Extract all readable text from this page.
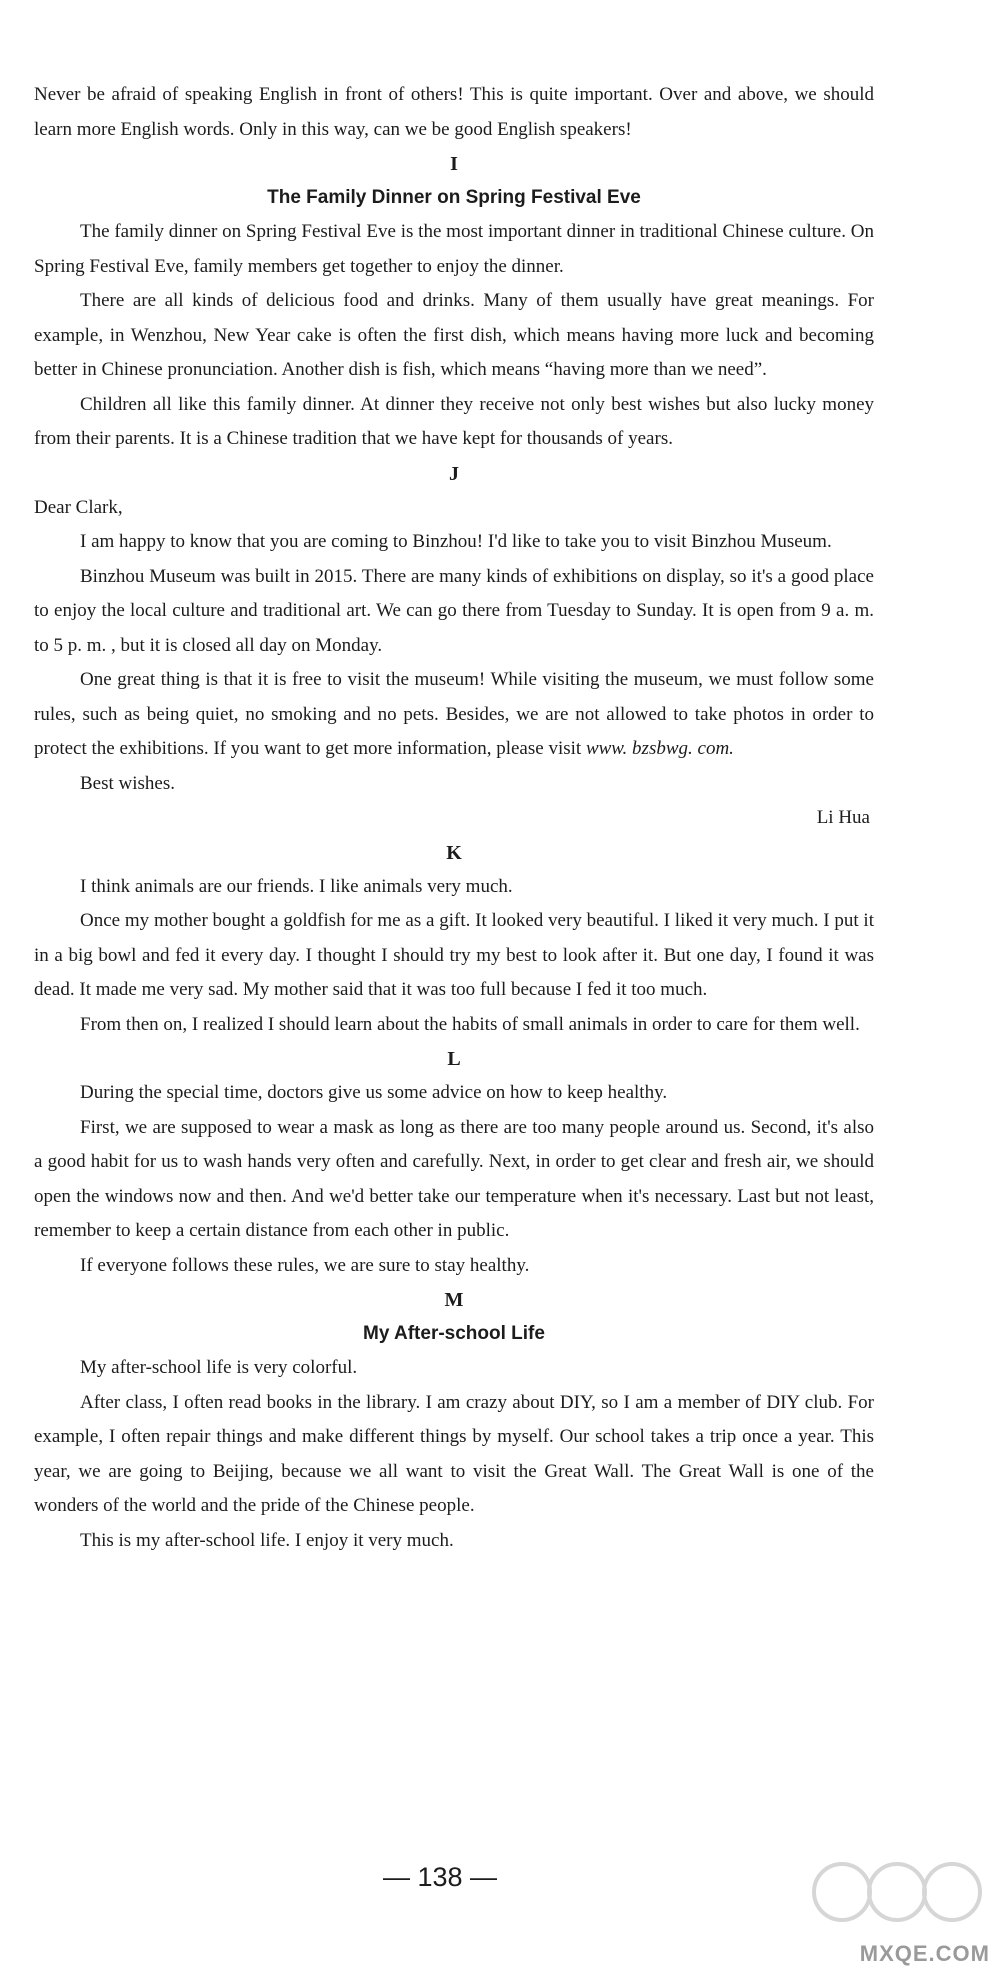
Never be afraid of speaking English in front of others! This is quite important. Over and above, we should learn more English words. Only in this way, can we be good English speakers!

I

The Family Dinner on Spring Festival Eve

The family dinner on Spring Festival Eve is the most important dinner in traditional Chinese culture. On Spring Festival Eve, family members get together to enjoy the dinner.

There are all kinds of delicious food and drinks. Many of them usually have great meanings. For example, in Wenzhou, New Year cake is often the first dish, which means having more luck and becoming better in Chinese pronunciation. Another dish is fish, which means “having more than we need”.

Children all like this family dinner. At dinner they receive not only best wishes but also lucky money from their parents. It is a Chinese tradition that we have kept for thousands of years.

J

Dear Clark,

I am happy to know that you are coming to Binzhou! I'd like to take you to visit Binzhou Museum.

Binzhou Museum was built in 2015. There are many kinds of exhibitions on display, so it's a good place to enjoy the local culture and traditional art. We can go there from Tuesday to Sunday. It is open from 9 a. m. to 5 p. m. , but it is closed all day on Monday.

One great thing is that it is free to visit the museum! While visiting the museum, we must follow some rules, such as being quiet, no smoking and no pets. Besides, we are not allowed to take photos in order to protect the exhibitions. If you want to get more information, please visit www. bzsbwg. com.

Best wishes.

Li Hua

K

I think animals are our friends. I like animals very much.

Once my mother bought a goldfish for me as a gift. It looked very beautiful. I liked it very much. I put it in a big bowl and fed it every day. I thought I should try my best to look after it. But one day, I found it was dead. It made me very sad. My mother said that it was too full because I fed it too much.

From then on, I realized I should learn about the habits of small animals in order to care for them well.

L

During the special time, doctors give us some advice on how to keep healthy.

First, we are supposed to wear a mask as long as there are too many people around us. Second, it's also a good habit for us to wash hands very often and carefully. Next, in order to get clear and fresh air, we should open the windows now and then. And we'd better take our temperature when it's necessary. Last but not least, remember to keep a certain distance from each other in public.

If everyone follows these rules, we are sure to stay healthy.

M

My After-school Life

My after-school life is very colorful.

After class, I often read books in the library. I am crazy about DIY, so I am a member of DIY club. For example, I often repair things and make different things by myself. Our school takes a trip once a year. This year, we are going to Beijing, because we all want to visit the Great Wall. The Great Wall is one of the wonders of the world and the pride of the Chinese people.

This is my after-school life. I enjoy it very much.

— 138 —
MXQE.COM
